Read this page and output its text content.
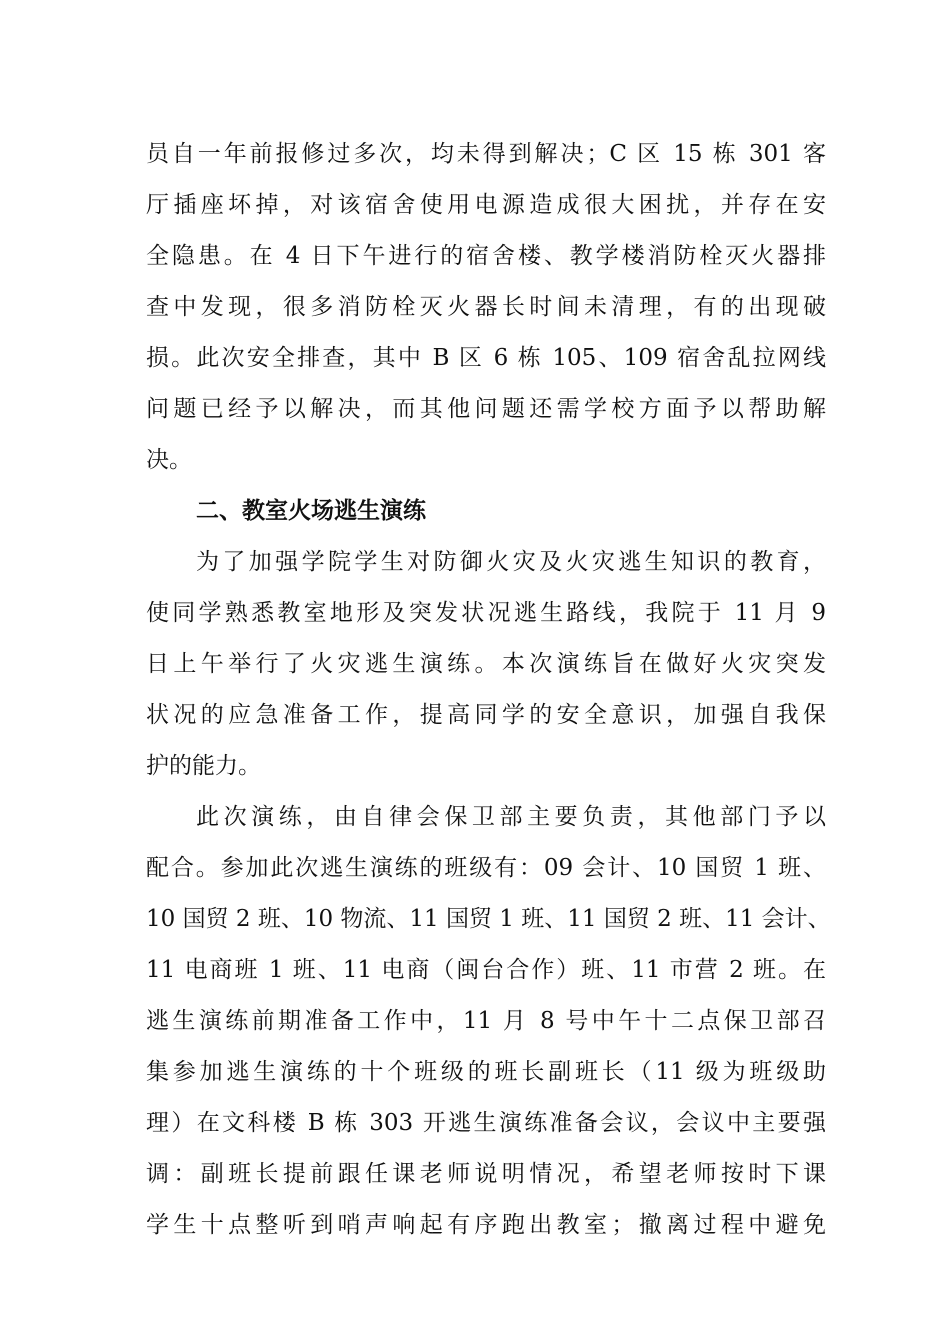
员自一年前报修过多次，均未得到解决；C 区 15 栋 301 客
厅插座坏掉，对该宿舍使用电源造成很大困扰，并存在安
全隐患。在 4 日下午进行的宿舍楼、教学楼消防栓灭火器排
查中发现，很多消防栓灭火器长时间未清理，有的出现破
损。此次安全排查，其中 B 区 6 栋 105、109 宿舍乱拉网线
问题已经予以解决，而其他问题还需学校方面予以帮助解
决。
二、教室火场逃生演练
为了加强学院学生对防御火灾及火灾逃生知识的教育，
使同学熟悉教室地形及突发状况逃生路线，我院于 11 月 9
日上午举行了火灾逃生演练。本次演练旨在做好火灾突发
状况的应急准备工作，提高同学的安全意识，加强自我保
护的能力。
此次演练，由自律会保卫部主要负责，其他部门予以
配合。参加此次逃生演练的班级有：09 会计、10 国贸 1 班、
10 国贸 2 班、10 物流、11 国贸 1 班、11 国贸 2 班、11 会计、
11 电商班 1 班、11 电商（闽台合作）班、11 市营 2 班。在
逃生演练前期准备工作中，11 月 8 号中午十二点保卫部召
集参加逃生演练的十个班级的班长副班长（11 级为班级助
理）在文科楼 B 栋 303 开逃生演练准备会议，会议中主要强
调：副班长提前跟任课老师说明情况，希望老师按时下课
学生十点整听到哨声响起有序跑出教室；撤离过程中避免
